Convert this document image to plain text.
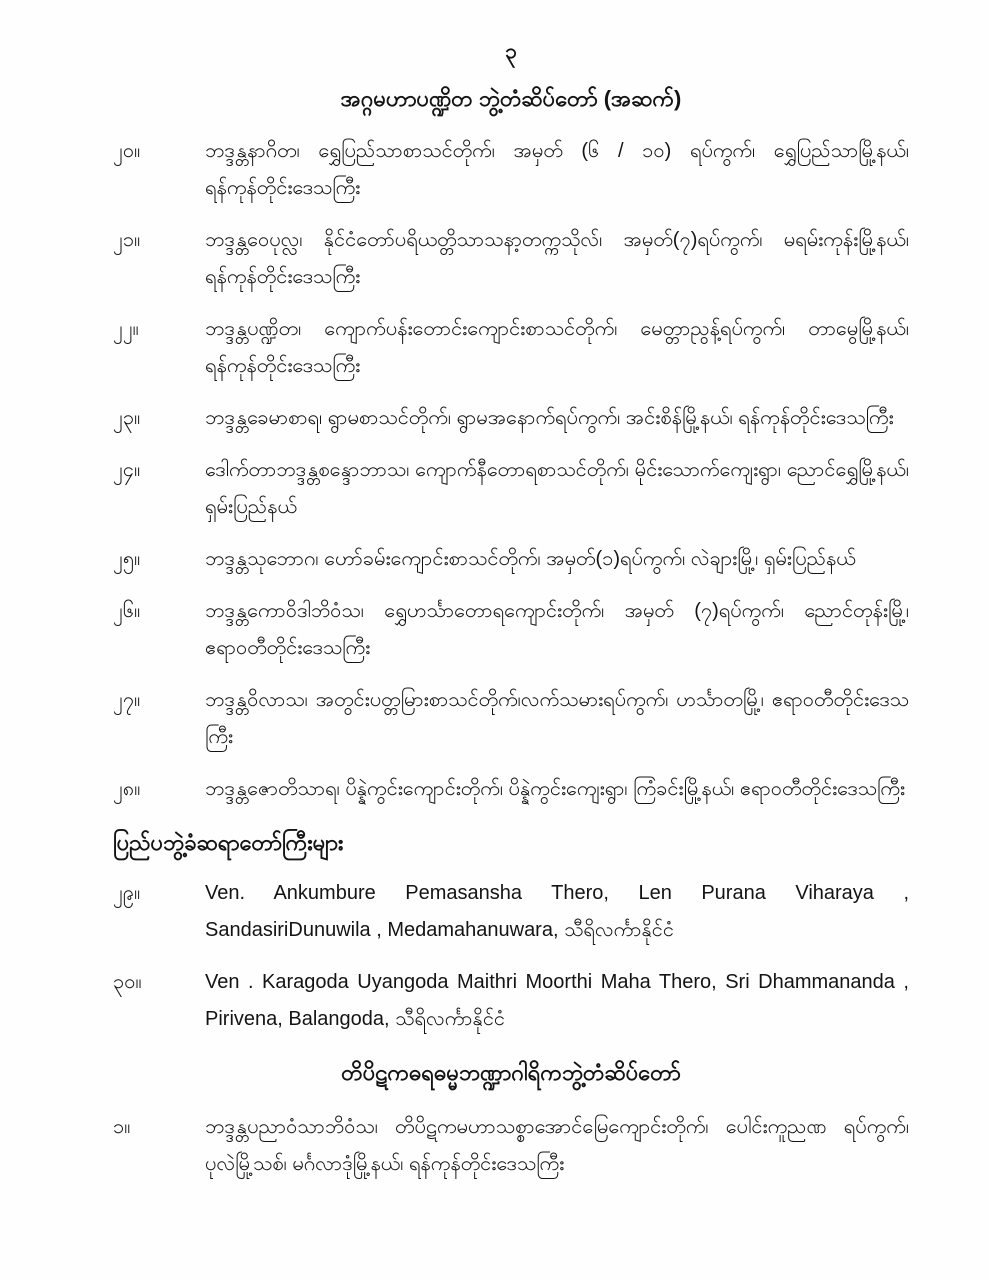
၃
အဂ္ဂမဟာပဏ္ဍိတ ဘွဲ့တံဆိပ်တော် (အဆက်)
၂၀။	ဘဒ္ဒန္တနာဂိတ၊ ရွှေပြည်သာစာသင်တိုက်၊ အမှတ် (၆ / ၁၀) ရပ်ကွက်၊ ရွှေပြည်သာမြို့နယ်၊ ရန်ကုန်တိုင်းဒေသကြီး
၂၁။	ဘဒ္ဒန္တဝေပုလ္လ၊ နိုင်ငံတော်ပရိယတ္တိသာသနာ့တက္ကသိုလ်၊ အမှတ်(၇)ရပ်ကွက်၊ မရမ်းကုန်းမြို့နယ်၊ ရန်ကုန်တိုင်းဒေသကြီး
၂၂။	ဘဒ္ဒန္တပဏ္ဍိတ၊ ကျောက်ပန်းတောင်းကျောင်းစာသင်တိုက်၊ မေတ္တာညွန့်ရပ်ကွက်၊ တာမွေမြို့နယ်၊ ရန်ကုန်တိုင်းဒေသကြီး
၂၃။	ဘဒ္ဒန္တခေမာစာရ၊ ရွာမစာသင်တိုက်၊ ရွာမအနောက်ရပ်ကွက်၊ အင်းစိန်မြို့နယ်၊ ရန်ကုန်တိုင်းဒေသကြီး
၂၄။	ဒေါက်တာဘဒ္ဒန္တစန္ဒောဘာသ၊ ကျောက်နီတောရစာသင်တိုက်၊ မိုင်းသောက်ကျေးရွာ၊ ညောင်ရွှေမြို့နယ်၊ ရှမ်းပြည်နယ်
၂၅။	ဘဒ္ဒန္တသုဘောဂ၊ ဟော်ခမ်းကျောင်းစာသင်တိုက်၊ အမှတ်(၁)ရပ်ကွက်၊ လဲချားမြို့၊ ရှမ်းပြည်နယ်
၂၆။	ဘဒ္ဒန္တကောဝိဒါဘိဝံသ၊ ရွှေဟင်္သာတောရကျောင်းတိုက်၊ အမှတ် (၇)ရပ်ကွက်၊ ညောင်တုန်းမြို့၊ ဧရာဝတီတိုင်းဒေသကြီး
၂၇။	ဘဒ္ဒန္တဝိလာသ၊ အတွင်းပတ္တမြားစာသင်တိုက်၊လက်သမားရပ်ကွက်၊ ဟင်္သာတမြို့၊ ဧရာဝတီတိုင်းဒေသကြီး
၂၈။	ဘဒ္ဒန္တဇောတိသာရ၊ ပိန္နဲကွင်းကျောင်းတိုက်၊ ပိန္နဲကွင်းကျေးရွာ၊ ကြံခင်းမြို့နယ်၊ ဧရာဝတီတိုင်းဒေသကြီး
ပြည်ပဘွဲ့ခံဆရာတော်ကြီးများ
၂၉။	Ven. Ankumbure Pemasansha Thero, Len Purana Viharaya , SandasiriDunuwila , Medamahanuwara, သီရိလင်္ကာနိုင်ငံ
၃၀။	Ven . Karagoda Uyangoda Maithri Moorthi Maha Thero, Sri Dhammananda , Pirivena, Balangoda, သီရိလင်္ကာနိုင်ငံ
တိပိဋကဓရဓမ္မဘဏ္ဍာဂါရိကဘွဲ့တံဆိပ်တော်
၁။	ဘဒ္ဒန္တပညာဝံသာဘိဝံသ၊ တိပိဋကမဟာသစ္စာအောင်မြေကျောင်းတိုက်၊ ပေါင်းကူညဏ ရပ်ကွက်၊ ပုလဲမြို့သစ်၊ မင်္ဂလာဒုံမြို့နယ်၊ ရန်ကုန်တိုင်းဒေသကြီး
